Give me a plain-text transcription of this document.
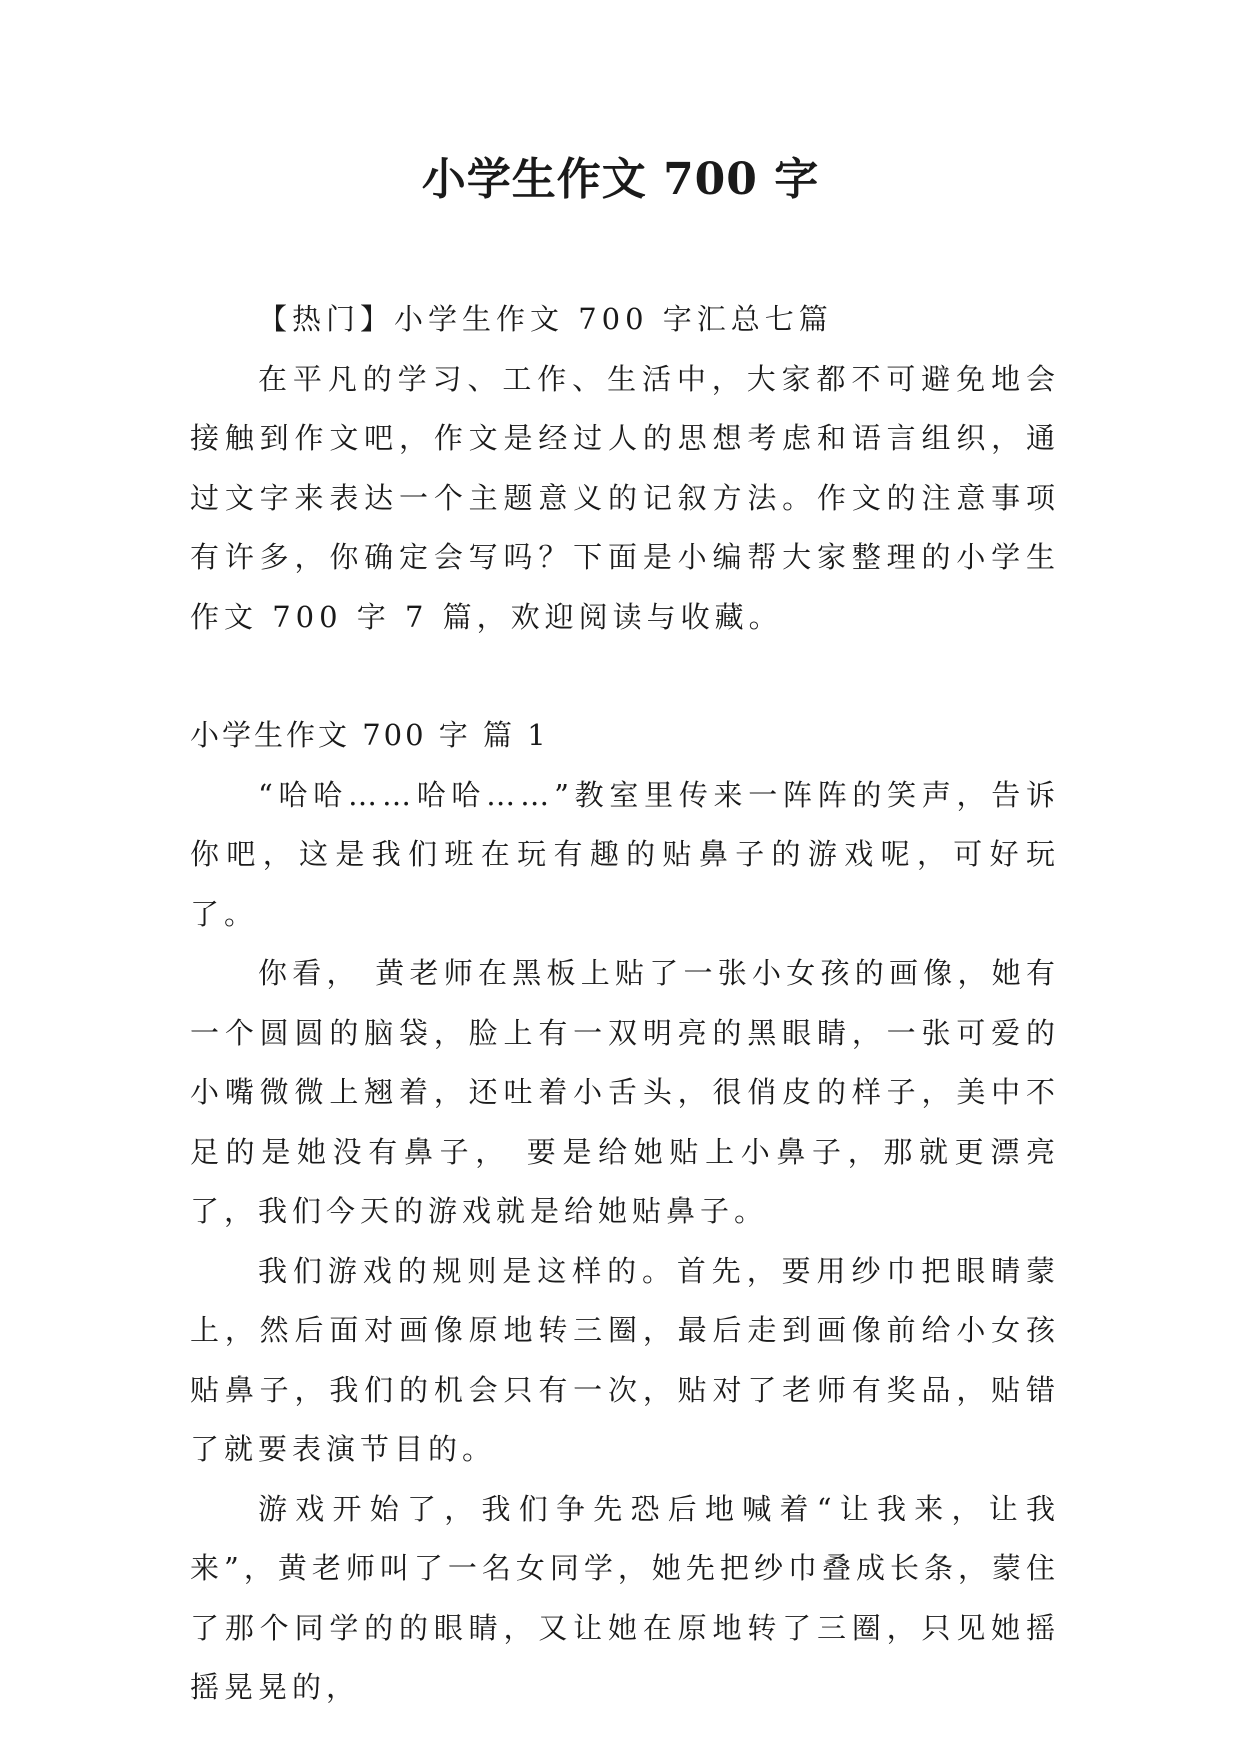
小学生作文 700 字

【热门】小学生作文 700 字汇总七篇

在平凡的学习、工作、生活中，大家都不可避免地会接触到作文吧，作文是经过人的思想考虑和语言组织，通过文字来表达一个主题意义的记叙方法。作文的注意事项有许多，你确定会写吗？下面是小编帮大家整理的小学生作文 700 字 7 篇，欢迎阅读与收藏。

小学生作文 700 字 篇 1

“哈哈……哈哈……”教室里传来一阵阵的笑声，告诉你吧，这是我们班在玩有趣的贴鼻子的游戏呢，可好玩了。

你看， 黄老师在黑板上贴了一张小女孩的画像，她有一个圆圆的脑袋，脸上有一双明亮的黑眼睛，一张可爱的小嘴微微上翘着，还吐着小舌头，很俏皮的样子，美中不足的是她没有鼻子， 要是给她贴上小鼻子，那就更漂亮了，我们今天的游戏就是给她贴鼻子。

我们游戏的规则是这样的。首先，要用纱巾把眼睛蒙上，然后面对画像原地转三圈，最后走到画像前给小女孩贴鼻子，我们的机会只有一次，贴对了老师有奖品，贴错了就要表演节目的。

游戏开始了，我们争先恐后地喊着“让我来，让我来”，黄老师叫了一名女同学，她先把纱巾叠成长条，蒙住了那个同学的的眼睛，又让她在原地转了三圈，只见她摇摇晃晃的，
